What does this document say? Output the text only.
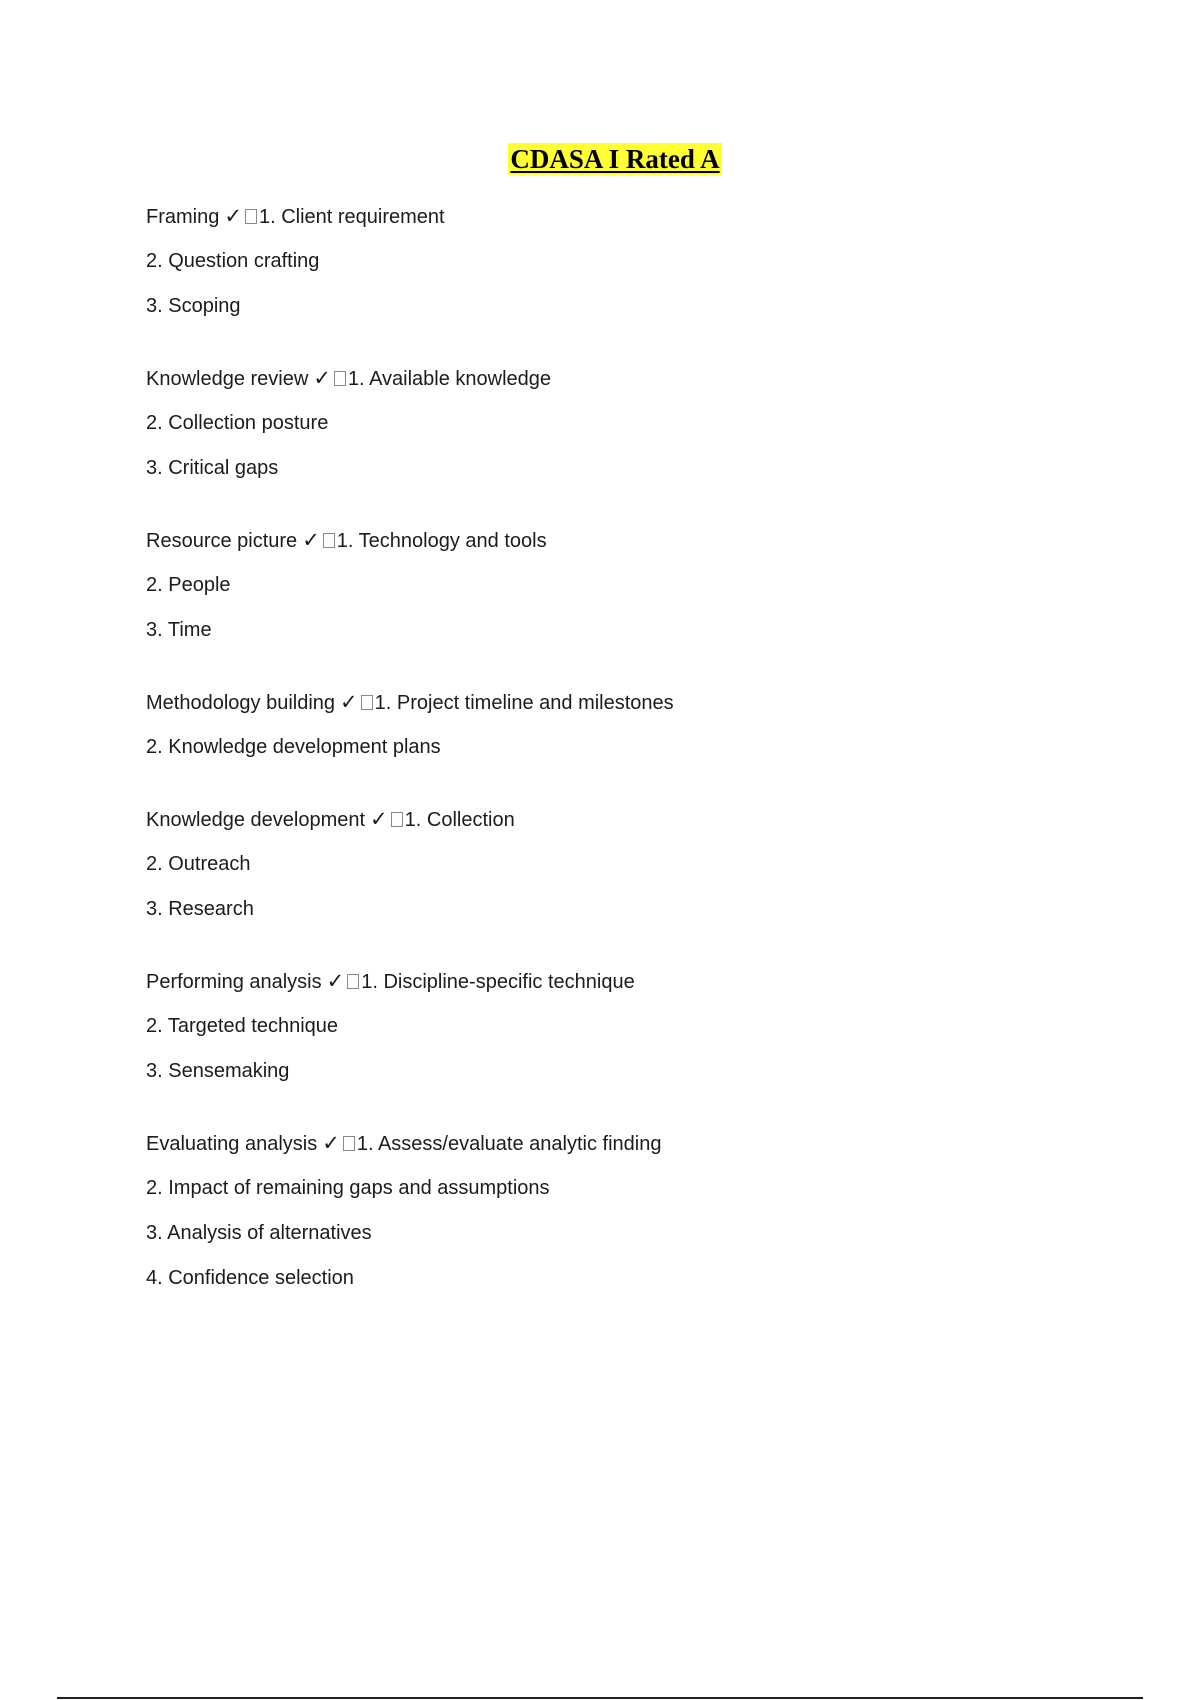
CDASA I Rated A
Framing ✓ 1. Client requirement
2. Question crafting
3. Scoping
Knowledge review ✓ 1. Available knowledge
2. Collection posture
3. Critical gaps
Resource picture ✓ 1. Technology and tools
2. People
3. Time
Methodology building ✓ 1. Project timeline and milestones
2. Knowledge development plans
Knowledge development ✓ 1. Collection
2. Outreach
3. Research
Performing analysis ✓ 1. Discipline-specific technique
2. Targeted technique
3. Sensemaking
Evaluating analysis ✓ 1. Assess/evaluate analytic finding
2. Impact of remaining gaps and assumptions
3. Analysis of alternatives
4. Confidence selection
